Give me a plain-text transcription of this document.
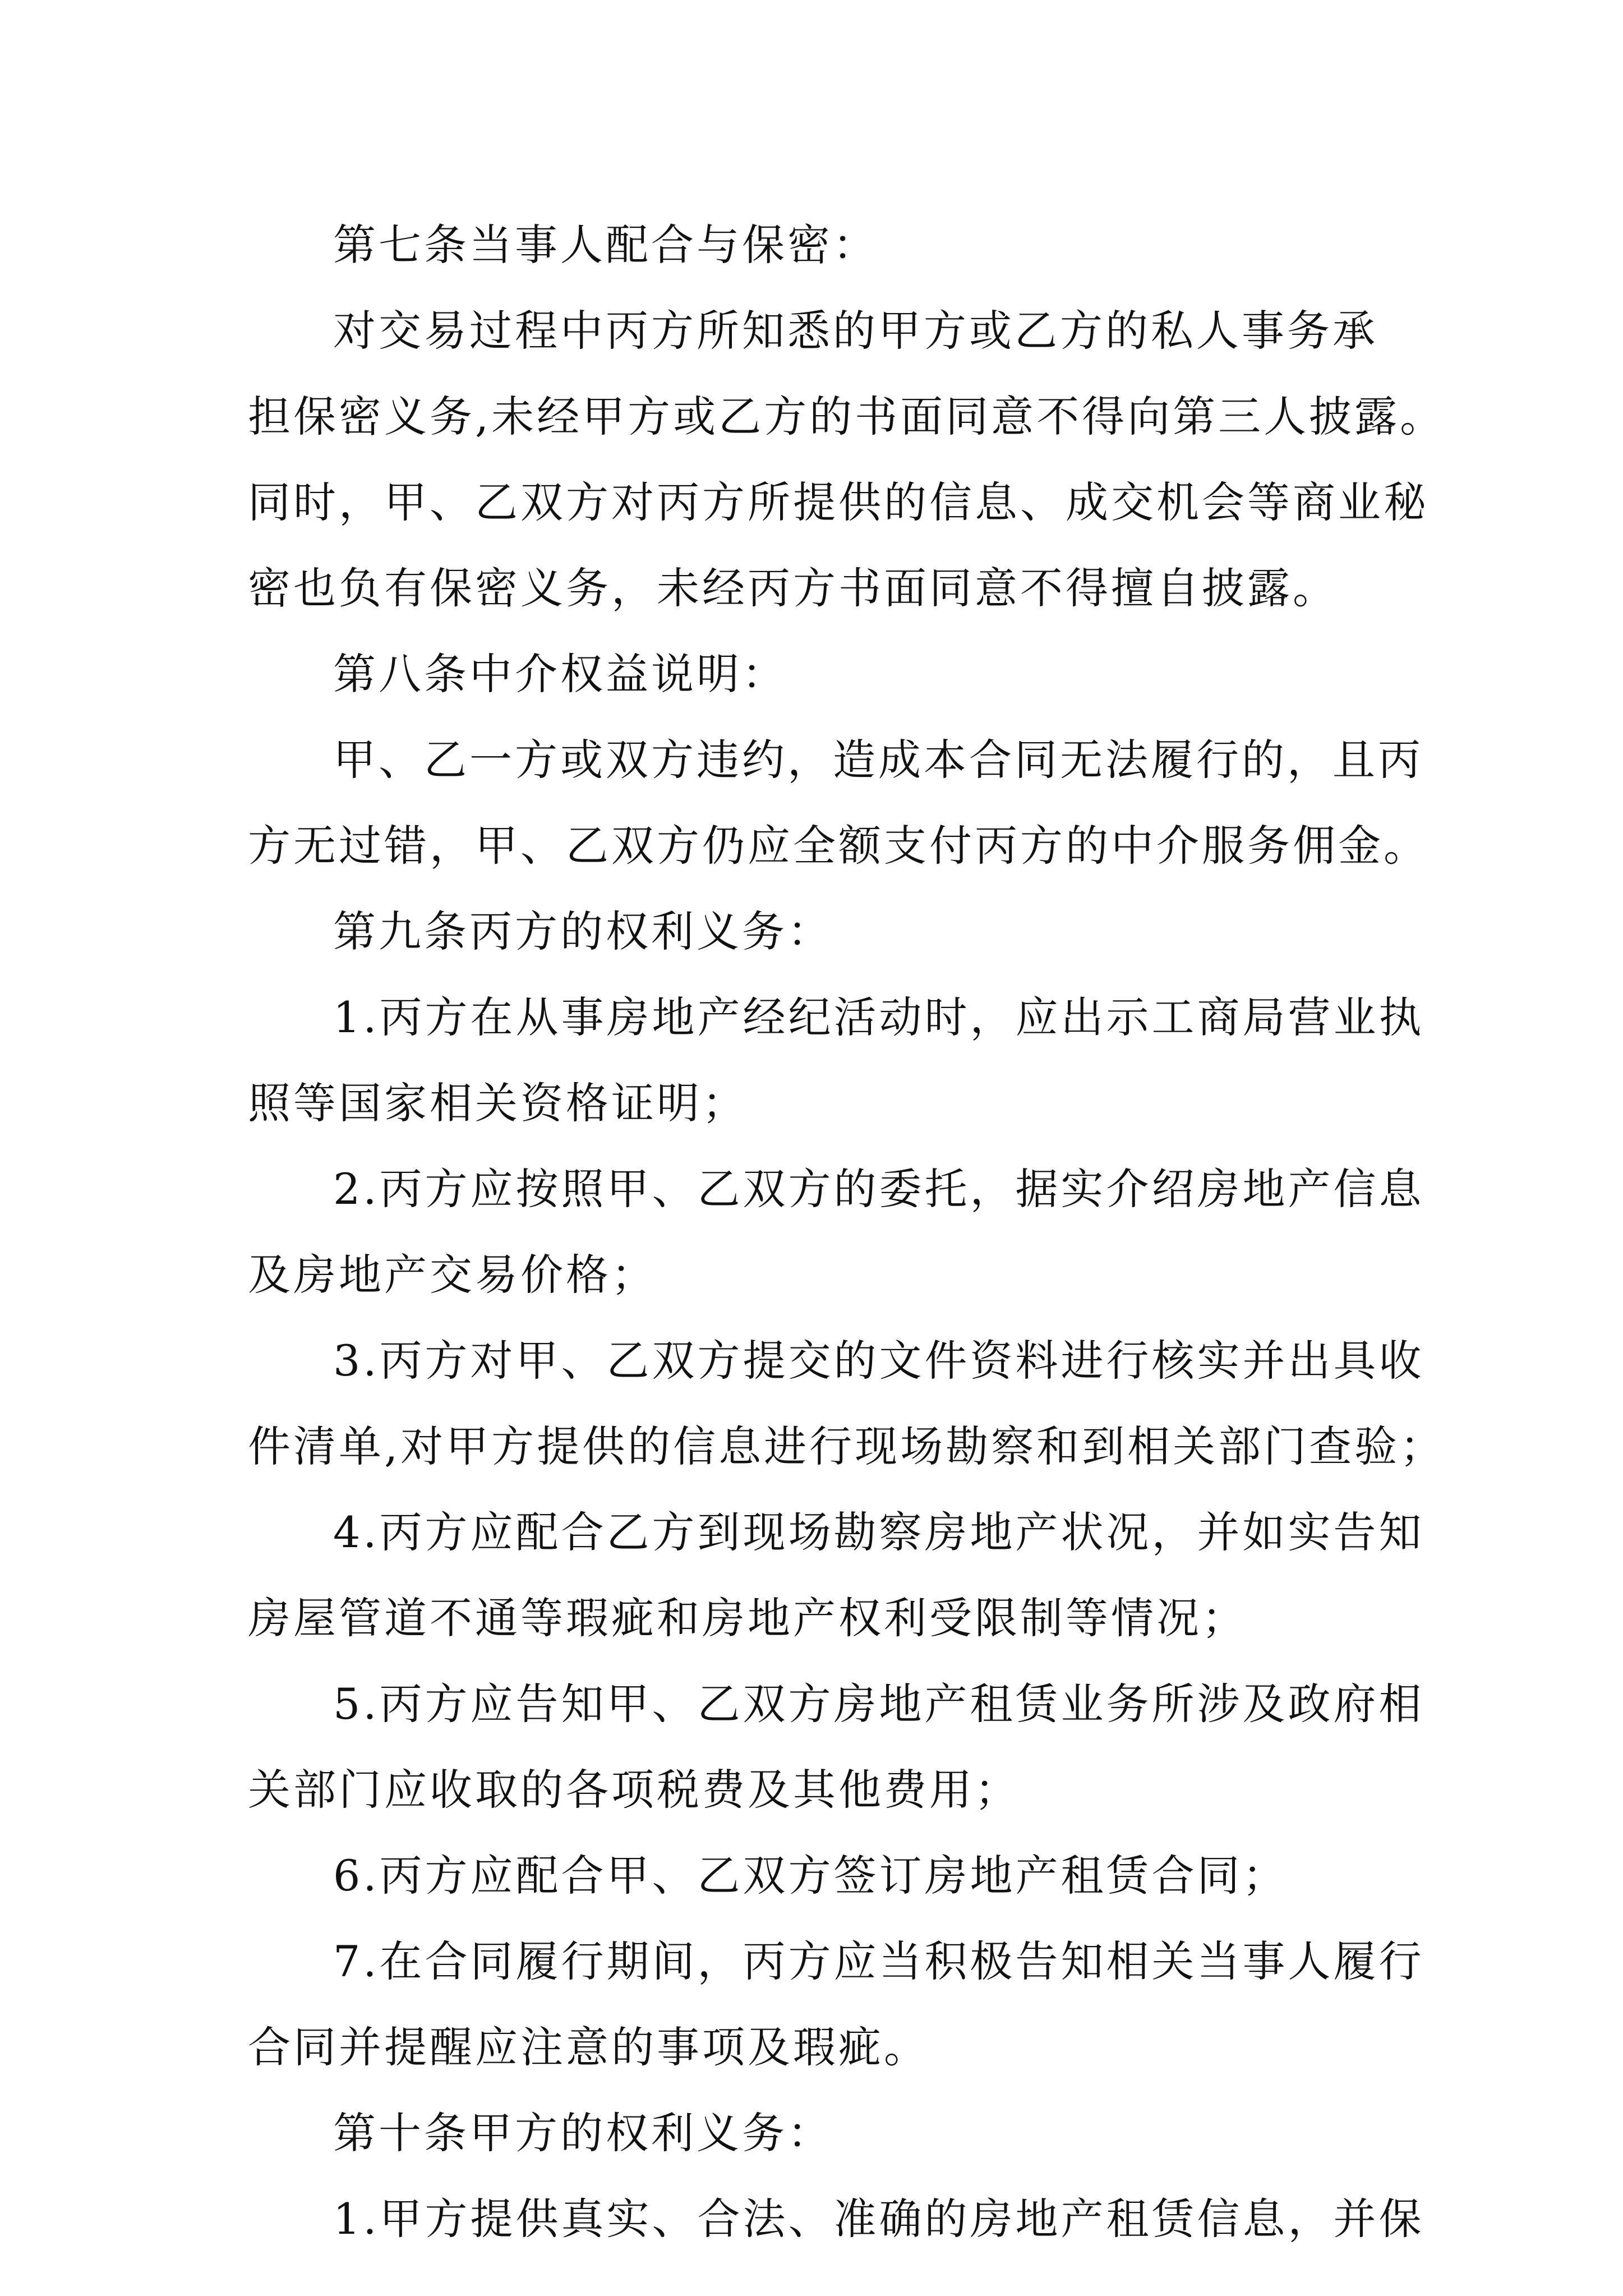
第七条当事人配合与保密：
对交易过程中丙方所知悉的甲方或乙方的私人事务承
担保密义务,未经甲方或乙方的书面同意不得向第三人披露。
同时，甲、乙双方对丙方所提供的信息、成交机会等商业秘
密也负有保密义务，未经丙方书面同意不得擅自披露。
第八条中介权益说明：
甲、乙一方或双方违约，造成本合同无法履行的，且丙
方无过错，甲、乙双方仍应全额支付丙方的中介服务佣金。
第九条丙方的权利义务：
1.丙方在从事房地产经纪活动时，应出示工商局营业执
照等国家相关资格证明；
2.丙方应按照甲、乙双方的委托，据实介绍房地产信息
及房地产交易价格；
3.丙方对甲、乙双方提交的文件资料进行核实并出具收
件清单,对甲方提供的信息进行现场勘察和到相关部门查验；
4.丙方应配合乙方到现场勘察房地产状况，并如实告知
房屋管道不通等瑕疵和房地产权利受限制等情况；
5.丙方应告知甲、乙双方房地产租赁业务所涉及政府相
关部门应收取的各项税费及其他费用；
6.丙方应配合甲、乙双方签订房地产租赁合同；
7.在合同履行期间，丙方应当积极告知相关当事人履行
合同并提醒应注意的事项及瑕疵。
第十条甲方的权利义务：
1.甲方提供真实、合法、准确的房地产租赁信息，并保
